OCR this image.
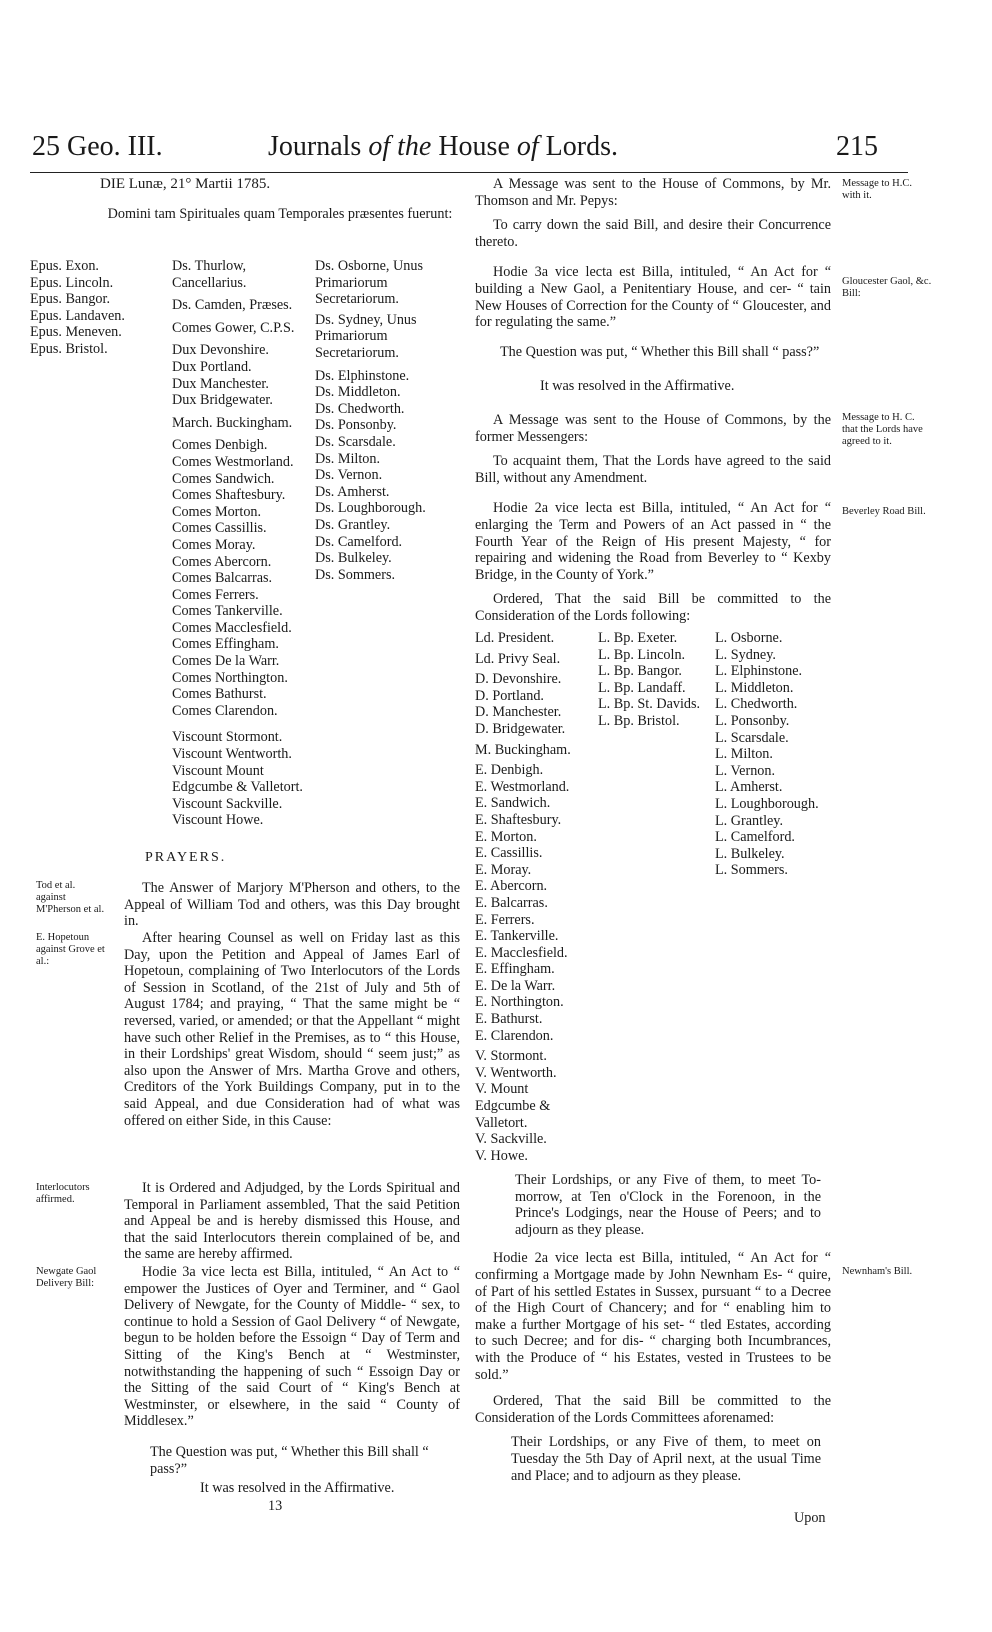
25 Geo. III.	Journals of the House of Lords.	215
DIE Lunæ, 21° Martii 1785.
Domini tam Spirituales quam Temporales præsentes fuerunt:
Epus. Exon.
Epus. Lincoln.
Epus. Bangor.
Epus. Landaven.
Epus. Meneven.
Epus. Bristol.
Ds. Thurlow, Cancellarius.
Ds. Camden, Præses.
Comes Gower, C.P.S.
Dux Devonshire.
Dux Portland.
Dux Manchester.
Dux Bridgewater.
March. Buckingham.
Comes Denbigh.
Comes Westmorland.
Comes Sandwich.
Comes Shaftesbury.
Comes Morton.
Comes Cassillis.
Comes Moray.
Comes Abercorn.
Comes Balcarras.
Comes Ferrers.
Comes Tankerville.
Comes Macclesfield.
Comes Effingham.
Comes De la Warr.
Comes Northington.
Comes Bathurst.
Comes Clarendon.
Viscount Stormont.
Viscount Wentworth.
Viscount Mount Edgcumbe & Valletort.
Viscount Sackville.
Viscount Howe.
Ds. Osborne, Unus Primariorum Secretariorum.
Ds. Sydney, Unus Primariorum Secretariorum.
Ds. Elphinstone.
Ds. Middleton.
Ds. Chedworth.
Ds. Ponsonby.
Ds. Scarsdale.
Ds. Milton.
Ds. Vernon.
Ds. Amherst.
Ds. Loughborough.
Ds. Grantley.
Ds. Camelford.
Ds. Bulkeley.
Ds. Sommers.
PRAYERS.
Tod et al. against M'Pherson et al.

The Answer of Marjory M'Pherson and others, to the Appeal of William Tod and others, was this Day brought in.

E. Hopetoun against Grove et al.:

After hearing Counsel as well on Friday last as this Day, upon the Petition and Appeal of James Earl of Hopetoun, complaining of Two Interlocutors of the Lords of Session in Scotland, of the 21st of July and 5th of August 1784; and praying, “ That the same might be “ reversed, varied, or amended; or that the Appellant “ might have such other Relief in the Premises, as to “ this House, in their Lordships' great Wisdom, should “ seem just;” as also upon the Answer of Mrs. Martha Grove and others, Creditors of the York Buildings Company, put in to the said Appeal, and due Consideration had of what was offered on either Side, in this Cause:

Interlocutors affirmed.

It is Ordered and Adjudged, by the Lords Spiritual and Temporal in Parliament assembled, That the said Petition and Appeal be and is hereby dismissed this House, and that the said Interlocutors therein complained of be, and the same are hereby affirmed.

Newgate Gaol Delivery Bill:

Hodie 3a vice lecta est Billa, intituled, “ An Act to “ empower the Justices of Oyer and Terminer, and “ Gaol Delivery of Newgate, for the County of Middle- “ sex, to continue to hold a Session of Gaol Delivery “ of Newgate, begun to be holden before the Essoign “ Day of Term and Sitting of the King's Bench at “ Westminster, notwithstanding the happening of such “ Essoign Day or the Sitting of the said Court of “ King's Bench at Westminster, or elsewhere, in the said “ County of Middlesex.”

The Question was put, “ Whether this Bill shall “ pass?”
It was resolved in the Affirmative.
13

A Message was sent to the House of Commons, by Mr. Thomson and Mr. Pepys:

To carry down the said Bill, and desire their Concurrence thereto.

Hodie 3a vice lecta est Billa, intituled, “ An Act for “ building a New Gaol, a Penitentiary House, and cer- “ tain New Houses of Correction for the County of “ Gloucester, and for regulating the same.”

The Question was put, “ Whether this Bill shall “ pass?”
It was resolved in the Affirmative.

A Message was sent to the House of Commons, by the former Messengers:

To acquaint them, That the Lords have agreed to the said Bill, without any Amendment.

Hodie 2a vice lecta est Billa, intituled, “ An Act for “ enlarging the Term and Powers of an Act passed in “ the Fourth Year of the Reign of His present Majesty, “ for repairing and widening the Road from Beverley to “ Kexby Bridge, in the County of York.”

Ordered, That the said Bill be committed to the Consideration of the Lords following:

Ld. President.
Ld. Privy Seal.
D. Devonshire.
D. Portland.
D. Manchester.
D. Bridgewater.
M. Buckingham.
E. Denbigh.
E. Westmorland.
E. Sandwich.
E. Shaftesbury.
E. Morton.
E. Cassillis.
E. Moray.
E. Abercorn.
E. Balcarras.
E. Ferrers.
E. Tankerville.
E. Macclesfield.
E. Effingham.
E. De la Warr.
E. Northington.
E. Bathurst.
E. Clarendon.
V. Stormont.
V. Wentworth.
V. Mount Edgcumbe & Valletort.
V. Sackville.
V. Howe.
L. Bp. Exeter.
L. Bp. Lincoln.
L. Bp. Bangor.
L. Bp. Landaff.
L. Bp. St. Davids.
L. Bp. Bristol.
L. Osborne.
L. Sydney.
L. Elphinstone.
L. Middleton.
L. Chedworth.
L. Ponsonby.
L. Scarsdale.
L. Milton.
L. Vernon.
L. Amherst.
L. Loughborough.
L. Grantley.
L. Camelford.
L. Bulkeley.
L. Sommers.

Their Lordships, or any Five of them, to meet To-morrow, at Ten o'Clock in the Forenoon, in the Prince's Lodgings, near the House of Peers; and to adjourn as they please.

Hodie 2a vice lecta est Billa, intituled, “ An Act for “ confirming a Mortgage made by John Newnham Es- “ quire, of Part of his settled Estates in Sussex, pursuant “ to a Decree of the High Court of Chancery; and for “ enabling him to make a further Mortgage of his set- “ tled Estates, according to such Decree; and for dis- “ charging both Incumbrances, with the Produce of “ his Estates, vested in Trustees to be sold.”

Ordered, That the said Bill be committed to the Consideration of the Lords Committees aforenamed:

Their Lordships, or any Five of them, to meet on Tuesday the 5th Day of April next, at the usual Time and Place; and to adjourn as they please.

Upon
Message to H.C. with it.
Gloucester Gaol, &c. Bill:
Message to H. C. that the Lords have agreed to it.
Beverley Road Bill.
Newnham's Bill.
